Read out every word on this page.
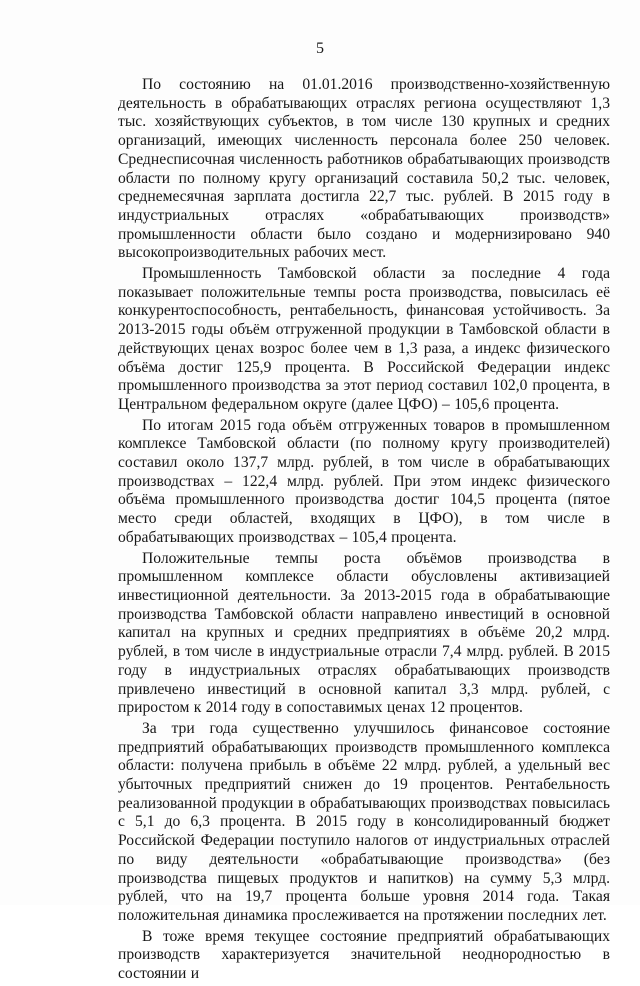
5

По состоянию на 01.01.2016 производственно-хозяйственную деятельность в обрабатывающих отраслях региона осуществляют 1,3 тыс. хозяйствующих субъектов, в том числе 130 крупных и средних организаций, имеющих численность персонала более 250 человек. Среднесписочная численность работников обрабатывающих производств области по полному кругу организаций составила 50,2 тыс. человек, среднемесячная зарплата достигла 22,7 тыс. рублей. В 2015 году в индустриальных отраслях «обрабатывающих производств» промышленности области было создано и модернизировано 940 высокопроизводительных рабочих мест.

Промышленность Тамбовской области за последние 4 года показывает положительные темпы роста производства, повысилась её конкурентоспособность, рентабельность, финансовая устойчивость. За 2013-2015 годы объём отгруженной продукции в Тамбовской области в действующих ценах возрос более чем в 1,3 раза, а индекс физического объёма достиг 125,9 процента. В Российской Федерации индекс промышленного производства за этот период составил 102,0 процента, в Центральном федеральном округе (далее ЦФО) – 105,6 процента.

По итогам 2015 года объём отгруженных товаров в промышленном комплексе Тамбовской области (по полному кругу производителей) составил около 137,7 млрд. рублей, в том числе в обрабатывающих производствах – 122,4 млрд. рублей. При этом индекс физического объёма промышленного производства достиг 104,5 процента (пятое место среди областей, входящих в ЦФО), в том числе в обрабатывающих производствах – 105,4 процента.

Положительные темпы роста объёмов производства в промышленном комплексе области обусловлены активизацией инвестиционной деятельности. За 2013-2015 года в обрабатывающие производства Тамбовской области направлено инвестиций в основной капитал на крупных и средних предприятиях в объёме 20,2 млрд. рублей, в том числе в индустриальные отрасли 7,4 млрд. рублей. В 2015 году в индустриальных отраслях обрабатывающих производств привлечено инвестиций в основной капитал 3,3 млрд. рублей, с приростом к 2014 году в сопоставимых ценах 12 процентов.

За три года существенно улучшилось финансовое состояние предприятий обрабатывающих производств промышленного комплекса области: получена прибыль в объёме 22 млрд. рублей, а удельный вес убыточных предприятий снижен до 19 процентов. Рентабельность реализованной продукции в обрабатывающих производствах повысилась с 5,1 до 6,3 процента. В 2015 году в консолидированный бюджет Российской Федерации поступило налогов от индустриальных отраслей по виду деятельности «обрабатывающие производства» (без производства пищевых продуктов и напитков) на сумму 5,3 млрд. рублей, что на 19,7 процента больше уровня 2014 года. Такая положительная динамика прослеживается на протяжении последних лет.

В тоже время текущее состояние предприятий обрабатывающих производств характеризуется значительной неоднородностью в состоянии и
